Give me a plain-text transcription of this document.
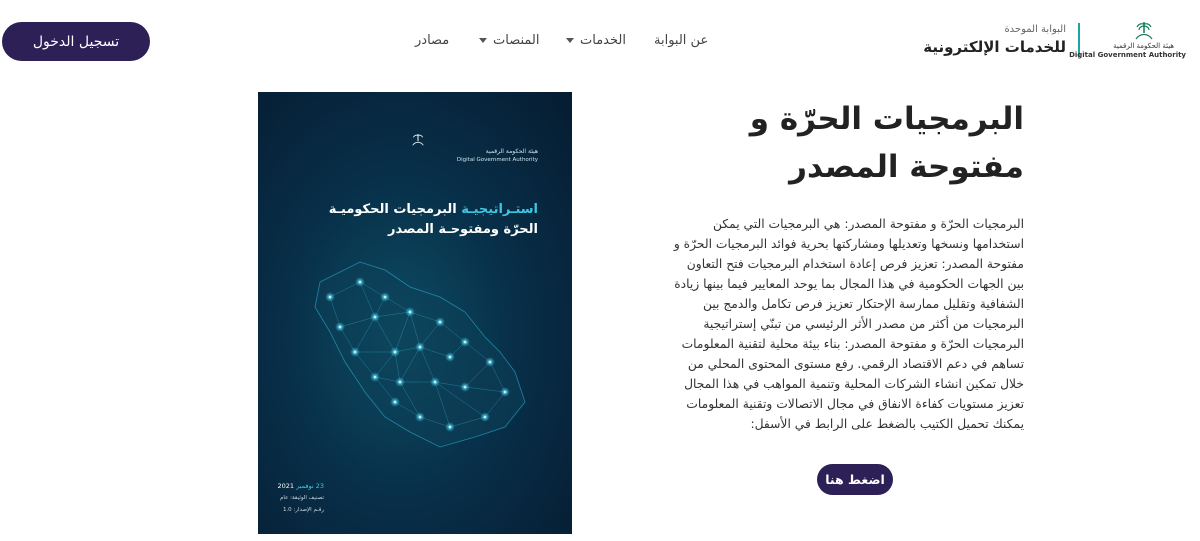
البوابة الموحدة
للخدمات الإلكترونية	هيئة الحكومة الرقمية
Digital Government Authority
عن البوابة
الخدمات
المنصات
مصادر
تسجيل الدخول
هيئة الحكومة الرقمية
Digital Government Authority
استـراتيجيـة البرمجيات الحكوميـة
الحرّة ومفتوحـة المصدر
23 نوفمبر 2021
تصنيف الوثيقة: عام
رقـم الإصدار: 1.0
البرمجيات الحرّة و مفتوحة المصدر

البرمجيات الحرّة و مفتوحة المصدر: هي البرمجيات التي يمكن استخدامها ونسخها وتعديلها ومشاركتها بحرية فوائد البرمجيات الحرّة و مفتوحة المصدر: تعزيز فرص إعادة استخدام البرمجيات فتح التعاون بين الجهات الحكومية في هذا المجال بما يوحد المعايير فيما بينها زيادة الشفافية وتقليل ممارسة الإحتكار تعزيز فرص تكامل والدمج بين البرمجيات من أكثر من مصدر الأثر الرئيسي من تبنّي إستراتيجية البرمجيات الحرّة و مفتوحة المصدر: بناء بيئة محلية لتقنية المعلومات تساهم في دعم الاقتصاد الرقمي. رفع مستوى المحتوى المحلي من خلال تمكين انشاء الشركات المحلية وتنمية المواهب في هذا المجال تعزيز مستويات كفاءة الانفاق في مجال الاتصالات وتقنية المعلومات يمكنك تحميل الكتيب بالضغط على الرابط في الأسفل:

اضغط هنا
